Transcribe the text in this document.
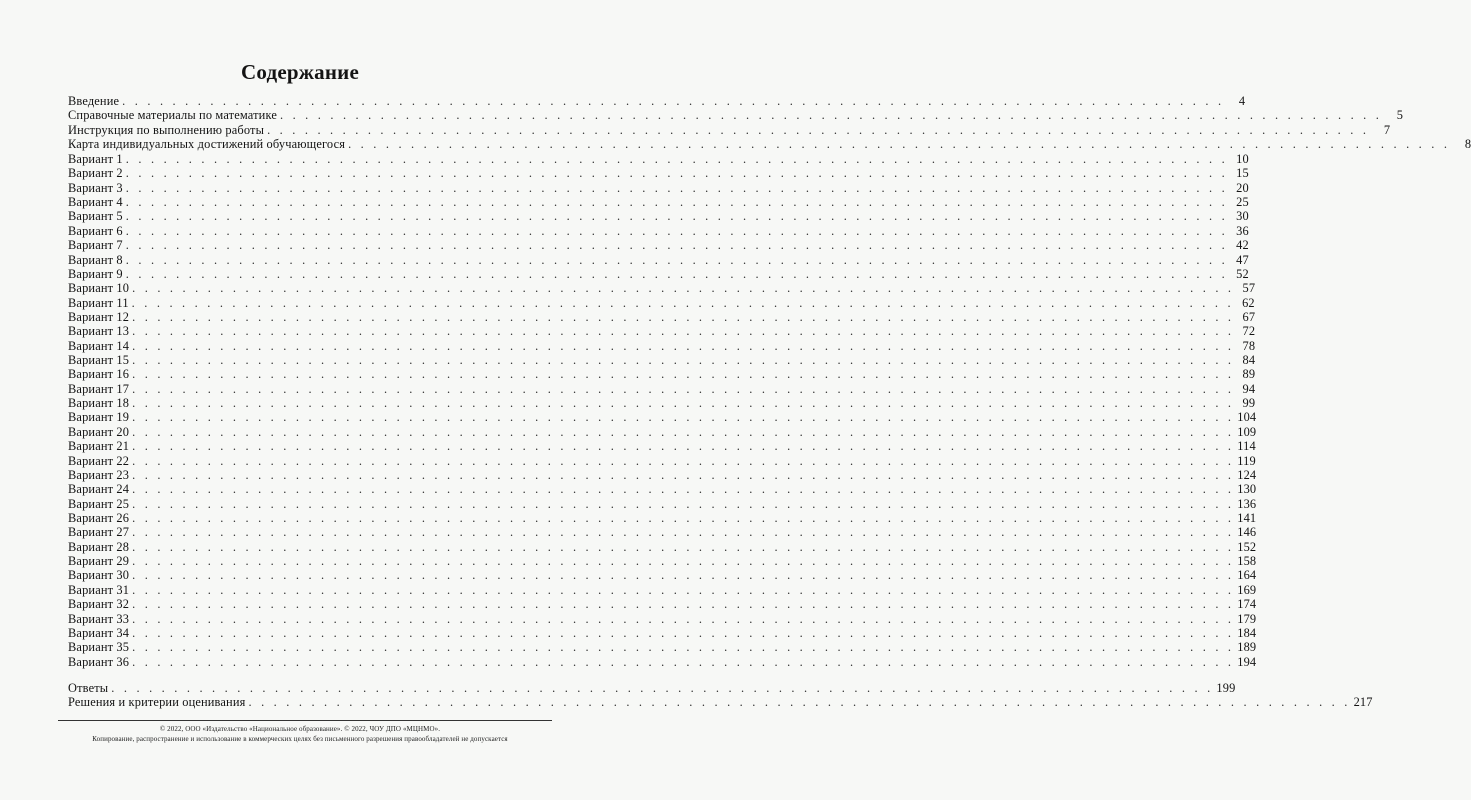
Содержание
Введение . . . . . . . . . . . . . . . . . . . . . . . . . . . . . . . . . . . . . . . . . . . . . . . . . . . . . . . . . . . . . . . . . . . . . . . . . . . . . . . . . . . . . . . .	4
Справочные материалы по математике . . . . . . . . . . . . . . . . . . . . . . . . . . . . . . . . . . . . . . . . . . . . . . . . . . . . . . . . . . . . . . . . . . . . . . . . . . . . . . . . . . . . . . . .	5
Инструкция по выполнению работы . . . . . . . . . . . . . . . . . . . . . . . . . . . . . . . . . . . . . . . . . . . . . . . . . . . . . . . . . . . . . . . . . . . . . . . . . . . . . . . . . . . . . . . .	7
Карта индивидуальных достижений обучающегося . . . . . . . . . . . . . . . . . . . . . . . . . . . . . . . . . . . . . . . . . . . . . . . . . . . . . . . . . . . . . . . . . . . . . . . . . . . . . . . . . . . . . . . .	8
Вариант 1 . . . . . . . . . . . . . . . . . . . . . . . . . . . . . . . . . . . . . . . . . . . . . . . . . . . . . . . . . . . . . . . . . . . . . . . . . . . . . . . . . . . . . . . . 10
Вариант 2 . . . . . . . . . . . . . . . . . . . . . . . . . . . . . . . . . . . . . . . . . . . . . . . . . . . . . . . . . . . . . . . . . . . . . . . . . . . . . . . . . . . . . . . . 15
Вариант 3 . . . . . . . . . . . . . . . . . . . . . . . . . . . . . . . . . . . . . . . . . . . . . . . . . . . . . . . . . . . . . . . . . . . . . . . . . . . . . . . . . . . . . . . . 20
Вариант 4 . . . . . . . . . . . . . . . . . . . . . . . . . . . . . . . . . . . . . . . . . . . . . . . . . . . . . . . . . . . . . . . . . . . . . . . . . . . . . . . . . . . . . . . . 25
Вариант 5 . . . . . . . . . . . . . . . . . . . . . . . . . . . . . . . . . . . . . . . . . . . . . . . . . . . . . . . . . . . . . . . . . . . . . . . . . . . . . . . . . . . . . . . . 30
Вариант 6 . . . . . . . . . . . . . . . . . . . . . . . . . . . . . . . . . . . . . . . . . . . . . . . . . . . . . . . . . . . . . . . . . . . . . . . . . . . . . . . . . . . . . . . . 36
Вариант 7 . . . . . . . . . . . . . . . . . . . . . . . . . . . . . . . . . . . . . . . . . . . . . . . . . . . . . . . . . . . . . . . . . . . . . . . . . . . . . . . . . . . . . . . . 42
Вариант 8 . . . . . . . . . . . . . . . . . . . . . . . . . . . . . . . . . . . . . . . . . . . . . . . . . . . . . . . . . . . . . . . . . . . . . . . . . . . . . . . . . . . . . . . . 47
Вариант 9 . . . . . . . . . . . . . . . . . . . . . . . . . . . . . . . . . . . . . . . . . . . . . . . . . . . . . . . . . . . . . . . . . . . . . . . . . . . . . . . . . . . . . . . . 52
Вариант 10 . . . . . . . . . . . . . . . . . . . . . . . . . . . . . . . . . . . . . . . . . . . . . . . . . . . . . . . . . . . . . . . . . . . . . . . . . . . . . . . . . . . . . . . . 57
Вариант 11 . . . . . . . . . . . . . . . . . . . . . . . . . . . . . . . . . . . . . . . . . . . . . . . . . . . . . . . . . . . . . . . . . . . . . . . . . . . . . . . . . . . . . . . . 62
Вариант 12 . . . . . . . . . . . . . . . . . . . . . . . . . . . . . . . . . . . . . . . . . . . . . . . . . . . . . . . . . . . . . . . . . . . . . . . . . . . . . . . . . . . . . . . . 67
Вариант 13 . . . . . . . . . . . . . . . . . . . . . . . . . . . . . . . . . . . . . . . . . . . . . . . . . . . . . . . . . . . . . . . . . . . . . . . . . . . . . . . . . . . . . . . . 72
Вариант 14 . . . . . . . . . . . . . . . . . . . . . . . . . . . . . . . . . . . . . . . . . . . . . . . . . . . . . . . . . . . . . . . . . . . . . . . . . . . . . . . . . . . . . . . . 78
Вариант 15 . . . . . . . . . . . . . . . . . . . . . . . . . . . . . . . . . . . . . . . . . . . . . . . . . . . . . . . . . . . . . . . . . . . . . . . . . . . . . . . . . . . . . . . . 84
Вариант 16 . . . . . . . . . . . . . . . . . . . . . . . . . . . . . . . . . . . . . . . . . . . . . . . . . . . . . . . . . . . . . . . . . . . . . . . . . . . . . . . . . . . . . . . . 89
Вариант 17 . . . . . . . . . . . . . . . . . . . . . . . . . . . . . . . . . . . . . . . . . . . . . . . . . . . . . . . . . . . . . . . . . . . . . . . . . . . . . . . . . . . . . . . . 94
Вариант 18 . . . . . . . . . . . . . . . . . . . . . . . . . . . . . . . . . . . . . . . . . . . . . . . . . . . . . . . . . . . . . . . . . . . . . . . . . . . . . . . . . . . . . . . . 99
Вариант 19 . . . . . . . . . . . . . . . . . . . . . . . . . . . . . . . . . . . . . . . . . . . . . . . . . . . . . . . . . . . . . . . . . . . . . . . . . . . . . . . . . . . . . . . . 104
Вариант 20 . . . . . . . . . . . . . . . . . . . . . . . . . . . . . . . . . . . . . . . . . . . . . . . . . . . . . . . . . . . . . . . . . . . . . . . . . . . . . . . . . . . . . . . . 109
Вариант 21 . . . . . . . . . . . . . . . . . . . . . . . . . . . . . . . . . . . . . . . . . . . . . . . . . . . . . . . . . . . . . . . . . . . . . . . . . . . . . . . . . . . . . . . . 114
Вариант 22 . . . . . . . . . . . . . . . . . . . . . . . . . . . . . . . . . . . . . . . . . . . . . . . . . . . . . . . . . . . . . . . . . . . . . . . . . . . . . . . . . . . . . . . . 119
Вариант 23 . . . . . . . . . . . . . . . . . . . . . . . . . . . . . . . . . . . . . . . . . . . . . . . . . . . . . . . . . . . . . . . . . . . . . . . . . . . . . . . . . . . . . . . . 124
Вариант 24 . . . . . . . . . . . . . . . . . . . . . . . . . . . . . . . . . . . . . . . . . . . . . . . . . . . . . . . . . . . . . . . . . . . . . . . . . . . . . . . . . . . . . . . . 130
Вариант 25 . . . . . . . . . . . . . . . . . . . . . . . . . . . . . . . . . . . . . . . . . . . . . . . . . . . . . . . . . . . . . . . . . . . . . . . . . . . . . . . . . . . . . . . . 136
Вариант 26 . . . . . . . . . . . . . . . . . . . . . . . . . . . . . . . . . . . . . . . . . . . . . . . . . . . . . . . . . . . . . . . . . . . . . . . . . . . . . . . . . . . . . . . . 141
Вариант 27 . . . . . . . . . . . . . . . . . . . . . . . . . . . . . . . . . . . . . . . . . . . . . . . . . . . . . . . . . . . . . . . . . . . . . . . . . . . . . . . . . . . . . . . . 146
Вариант 28 . . . . . . . . . . . . . . . . . . . . . . . . . . . . . . . . . . . . . . . . . . . . . . . . . . . . . . . . . . . . . . . . . . . . . . . . . . . . . . . . . . . . . . . . 152
Вариант 29 . . . . . . . . . . . . . . . . . . . . . . . . . . . . . . . . . . . . . . . . . . . . . . . . . . . . . . . . . . . . . . . . . . . . . . . . . . . . . . . . . . . . . . . . 158
Вариант 30 . . . . . . . . . . . . . . . . . . . . . . . . . . . . . . . . . . . . . . . . . . . . . . . . . . . . . . . . . . . . . . . . . . . . . . . . . . . . . . . . . . . . . . . . 164
Вариант 31 . . . . . . . . . . . . . . . . . . . . . . . . . . . . . . . . . . . . . . . . . . . . . . . . . . . . . . . . . . . . . . . . . . . . . . . . . . . . . . . . . . . . . . . . 169
Вариант 32 . . . . . . . . . . . . . . . . . . . . . . . . . . . . . . . . . . . . . . . . . . . . . . . . . . . . . . . . . . . . . . . . . . . . . . . . . . . . . . . . . . . . . . . . 174
Вариант 33 . . . . . . . . . . . . . . . . . . . . . . . . . . . . . . . . . . . . . . . . . . . . . . . . . . . . . . . . . . . . . . . . . . . . . . . . . . . . . . . . . . . . . . . . 179
Вариант 34 . . . . . . . . . . . . . . . . . . . . . . . . . . . . . . . . . . . . . . . . . . . . . . . . . . . . . . . . . . . . . . . . . . . . . . . . . . . . . . . . . . . . . . . . 184
Вариант 35 . . . . . . . . . . . . . . . . . . . . . . . . . . . . . . . . . . . . . . . . . . . . . . . . . . . . . . . . . . . . . . . . . . . . . . . . . . . . . . . . . . . . . . . . 189
Вариант 36 . . . . . . . . . . . . . . . . . . . . . . . . . . . . . . . . . . . . . . . . . . . . . . . . . . . . . . . . . . . . . . . . . . . . . . . . . . . . . . . . . . . . . . . . 194
Ответы . . . . . . . . . . . . . . . . . . . . . . . . . . . . . . . . . . . . . . . . . . . . . . . . . . . . . . . . . . . . . . . . . . . . . . . . . . . . . . . . . . . . . . . . 199
Решения и критерии оценивания . . . . . . . . . . . . . . . . . . . . . . . . . . . . . . . . . . . . . . . . . . . . . . . . . . . . . . . . . . . . . . . . . . . . . . . . . . . . . . . . . . . . . . . . 217
© 2022, ООО «Издательство «Национальное образование». © 2022, ЧОУ ДПО «МЦНМО».
Копирование, распространение и использование в коммерческих целях без письменного разрешения правообладателей не допускается
